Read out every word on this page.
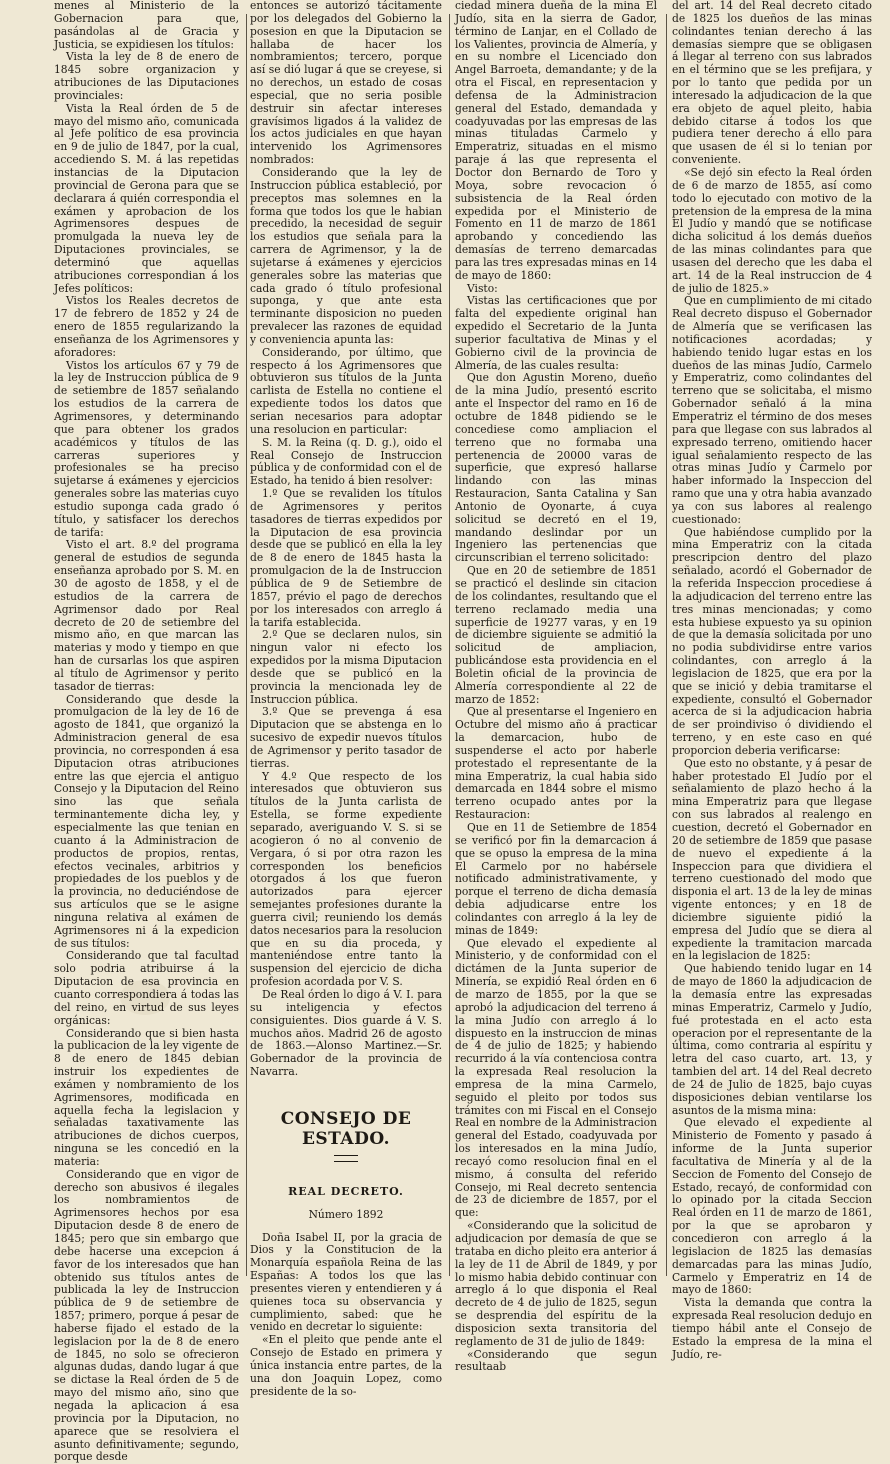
menes al Ministerio de la Gobernacion para que, pasándolas al de Gracia y Justicia, se expidiesen los títulos:

Vista la ley de 8 de enero de 1845 sobre organizacion y atribuciones de las Diputaciones provinciales:

Vista la Real órden de 5 de mayo del mismo año, comunicada al Jefe político de esa provincia en 9 de julio de 1847, por la cual, accediendo S. M. á las repetidas instancias de la Diputacion provincial de Gerona para que se declarara á quién correspondia el exámen y aprobacion de los Agrimensores despues de promulgada la nueva ley de Diputaciones provinciales, se determinó que aquellas atribuciones correspondian á los Jefes políticos:

Vistos los Reales decretos de 17 de febrero de 1852 y 24 de enero de 1855 regularizando la enseñanza de los Agrimensores y aforadores:

Vistos los artículos 67 y 79 de la ley de Instruccion pública de 9 de setiembre de 1857 señalando los estudios de la carrera de Agrimensores, y determinando que para obtener los grados académicos y títulos de las carreras superiores y profesionales se ha preciso sujetarse á exámenes y ejercicios generales sobre las materias cuyo estudio suponga cada grado ó título, y satisfacer los derechos de tarifa:

Visto el art. 8.º del programa general de estudios de segunda enseñanza aprobado por S. M. en 30 de agosto de 1858, y el de estudios de la carrera de Agrimensor dado por Real decreto de 20 de setiembre del mismo año, en que marcan las materias y modo y tiempo en que han de cursarlas los que aspiren al título de Agrimensor y perito tasador de tierras:

Considerando que desde la promulgacion de la ley de 16 de agosto de 1841, que organizó la Administracion general de esa provincia, no corresponden á esa Diputacion otras atribuciones entre las que ejercia el antiguo Consejo y la Diputacion del Reino sino las que señala terminantemente dicha ley, y especialmente las que tenian en cuanto á la Administracion de productos de propios, rentas, efectos vecinales, arbitrios y propiedades de los pueblos y de la provincia, no deduciéndose de sus artículos que se le asigne ninguna relativa al exámen de Agrimensores ni á la expedicion de sus títulos:

Considerando que tal facultad solo podria atribuirse á la Diputacion de esa provincia en cuanto correspondiera á todas las del reino, en virtud de sus leyes orgánicas:

Considerando que si bien hasta la publicacion de la ley vigente de 8 de enero de 1845 debian instruir los expedientes de exámen y nombramiento de los Agrimensores, modificada en aquella fecha la legislacion y señaladas taxativamente las atribuciones de dichos cuerpos, ninguna se les concedió en la materia:

Considerando que en vigor de derecho son abusivos é ilegales los nombramientos de Agrimensores hechos por esa Diputacion desde 8 de enero de 1845; pero que sin embargo que debe hacerse una excepcion á favor de los interesados que han obtenido sus títulos antes de publicada la ley de Instruccion pública de 9 de setiembre de 1857; primero, porque á pesar de haberse fijado el estado de la legislacion por la de 8 de enero de 1845, no solo se ofrecieron algunas dudas, dando lugar á que se dictase la Real órden de 5 de mayo del mismo año, sino que negada la aplicacion á esa provincia por la Diputacion, no aparece que se resolviera el asunto definitivamente; segundo, porque desde

entonces se autorizó tácitamente por los delegados del Gobierno la posesion en que la Diputacion se hallaba de hacer los nombramientos; tercero, porque así se dió lugar á que se creyese, si no derechos, un estado de cosas especial, que no seria posible destruir sin afectar intereses gravísimos ligados á la validez de los actos judiciales en que hayan intervenido los Agrimensores nombrados:

Considerando que la ley de Instruccion pública estableció, por preceptos mas solemnes en la forma que todos los que le habian precedido, la necesidad de seguir los estudios que señala para la carrera de Agrimensor, y la de sujetarse á exámenes y ejercicios generales sobre las materias que cada grado ó título profesional suponga, y que ante esta terminante disposicion no pueden prevalecer las razones de equidad y conveniencia apunta las:

Considerando, por último, que respecto á los Agrimensores que obtuvieron sus títulos de la Junta carlista de Estella no contiene el expediente todos los datos que serian necesarios para adoptar una resolucion en particular:

S. M. la Reina (q. D. g.), oido el Real Consejo de Instruccion pública y de conformidad con el de Estado, ha tenido á bien resolver:

1.º Que se revaliden los títulos de Agrimensores y peritos tasadores de tierras expedidos por la Diputacion de esa provincia desde que se publicó en ella la ley de 8 de enero de 1845 hasta la promulgacion de la de Instruccion pública de 9 de Setiembre de 1857, prévio el pago de derechos por los interesados con arreglo á la tarifa establecida.

2.º Que se declaren nulos, sin ningun valor ni efecto los expedidos por la misma Diputacion desde que se publicó en la provincia la mencionada ley de Instruccion pública.

3.º Que se prevenga á esa Diputacion que se abstenga en lo sucesivo de expedir nuevos títulos de Agrimensor y perito tasador de tierras.

Y 4.º Que respecto de los interesados que obtuvieron sus títulos de la Junta carlista de Estella, se forme expediente separado, averiguando V. S. si se acogieron ó no al convenio de Vergara, ó si por otra razon les corresponden los beneficios otorgados á los que fueron autorizados para ejercer semejantes profesiones durante la guerra civil; reuniendo los demás datos necesarios para la resolucion que en su dia proceda, y manteniéndose entre tanto la suspension del ejercicio de dicha profesion acordada por V. S.

De Real órden lo digo á V. I. para su inteligencia y efectos consiguientes. Dios guarde á V. S. muchos años. Madrid 26 de agosto de 1863.—Alonso Martinez.—Sr. Gobernador de la provincia de Navarra.

CONSEJO DE ESTADO.

REAL DECRETO.

Número 1892

Doña Isabel II, por la gracia de Dios y la Constitucion de la Monarquía española Reina de las Españas: A todos los que las presentes vieren y entendieren y á quienes toca su observancia y cumplimiento, sabed: que he venido en decretar lo siguiente:

«En el pleito que pende ante el Consejo de Estado en primera y única instancia entre partes, de la una don Joaquin Lopez, como presidente de la so-

ciedad minera dueña de la mina El Judío, sita en la sierra de Gador, término de Lanjar, en el Collado de los Valientes, provincia de Almería, y en su nombre el Licenciado don Angel Barroeta, demandante; y de la otra el Fiscal, en representacion y defensa de la Administracion general del Estado, demandada y coadyuvadas por las empresas de las minas tituladas Carmelo y Emperatriz, situadas en el mismo paraje á las que representa el Doctor don Bernardo de Toro y Moya, sobre revocacion ó subsistencia de la Real órden expedida por el Ministerio de Fomento en 11 de marzo de 1861 aprobando y concediendo las demasías de terreno demarcadas para las tres expresadas minas en 14 de mayo de 1860:

Visto:

Vistas las certificaciones que por falta del expediente original han expedido el Secretario de la Junta superior facultativa de Minas y el Gobierno civil de la provincia de Almería, de las cuales resulta:

Que don Agustin Moreno, dueño de la mina Judío, presentó escrito ante el Inspector del ramo en 16 de octubre de 1848 pidiendo se le concediese como ampliacion el terreno que no formaba una pertenencia de 20000 varas de superficie, que expresó hallarse lindando con las minas Restauracion, Santa Catalina y San Antonio de Oyonarte, á cuya solicitud se decretó en el 19, mandando deslindar por un Ingeniero las pertenencias que circunscribian el terreno solicitado:

Que en 20 de setiembre de 1851 se practicó el deslinde sin citacion de los colindantes, resultando que el terreno reclamado media una superficie de 19277 varas, y en 19 de diciembre siguiente se admitió la solicitud de ampliacion, publicándose esta providencia en el Boletin oficial de la provincia de Almería correspondiente al 22 de marzo de 1852:

Que al presentarse el Ingeniero en Octubre del mismo año á practicar la demarcacion, hubo de suspenderse el acto por haberle protestado el representante de la mina Emperatriz, la cual habia sido demarcada en 1844 sobre el mismo terreno ocupado antes por la Restauracion:

Que en 11 de Setiembre de 1854 se verificó por fin la demarcacion á que se opuso la empresa de la mina El Carmelo por no habérsele notificado administrativamente, y porque el terreno de dicha demasía debia adjudicarse entre los colindantes con arreglo á la ley de minas de 1849:

Que elevado el expediente al Ministerio, y de conformidad con el dictámen de la Junta superior de Minería, se expidió Real órden en 6 de marzo de 1855, por la que se aprobó la adjudicacion del terreno á la mina Judío con arreglo á lo dispuesto en la instruccion de minas de 4 de julio de 1825; y habiendo recurrido á la vía contenciosa contra la expresada Real resolucion la empresa de la mina Carmelo, seguido el pleito por todos sus trámites con mi Fiscal en el Consejo Real en nombre de la Administracion general del Estado, coadyuvada por los interesados en la mina Judío, recayó como resolucion final en el mismo, á consulta del referido Consejo, mi Real decreto sentencia de 23 de diciembre de 1857, por el que:

«Considerando que la solicitud de adjudicacion por demasía de que se trataba en dicho pleito era anterior á la ley de 11 de Abril de 1849, y por lo mismo habia debido continuar con arreglo á lo que disponia el Real decreto de 4 de julio de 1825, segun se desprendia del espíritu de la disposicion sexta transitoria del reglamento de 31 de julio de 1849:

«Considerando que segun resultaab

del art. 14 del Real decreto citado de 1825 los dueños de las minas colindantes tenian derecho á las demasías siempre que se obligasen á llegar al terreno con sus labrados en el término que se les prefijara, y por lo tanto que pedida por un interesado la adjudicacion de la que era objeto de aquel pleito, habia debido citarse á todos los que pudiera tener derecho á ello para que usasen de él si lo tenian por conveniente.

«Se dejó sin efecto la Real órden de 6 de marzo de 1855, así como todo lo ejecutado con motivo de la pretension de la empresa de la mina El Judío y mandó que se notificase dicha solicitud á los demás dueños de las minas colindantes para que usasen del derecho que les daba el art. 14 de la Real instruccion de 4 de julio de 1825.»

Que en cumplimiento de mi citado Real decreto dispuso el Gobernador de Almería que se verificasen las notificaciones acordadas; y habiendo tenido lugar estas en los dueños de las minas Judío, Carmelo y Emperatriz, como colindantes del terreno que se solicitaba, el mismo Gobernador señaló á la mina Emperatriz el término de dos meses para que llegase con sus labrados al expresado terreno, omitiendo hacer igual señalamiento respecto de las otras minas Judío y Carmelo por haber informado la Inspeccion del ramo que una y otra habia avanzado ya con sus labores al realengo cuestionado:

Que habiéndose cumplido por la mina Emperatriz con la citada prescripcion dentro del plazo señalado, acordó el Gobernador de la referida Inspeccion procediese á la adjudicacion del terreno entre las tres minas mencionadas; y como esta hubiese expuesto ya su opinion de que la demasía solicitada por uno no podia subdividirse entre varios colindantes, con arreglo á la legislacion de 1825, que era por la que se inició y debia tramitarse el expediente, consultó el Gobernador acerca de si la adjudicacion habria de ser proindiviso ó dividiendo el terreno, y en este caso en qué proporcion deberia verificarse:

Que esto no obstante, y á pesar de haber protestado El Judío por el señalamiento de plazo hecho á la mina Emperatriz para que llegase con sus labrados al realengo en cuestion, decretó el Gobernador en 20 de setiembre de 1859 que pasase de nuevo el expediente á la Inspeccion para que dividiera el terreno cuestionado del modo que disponia el art. 13 de la ley de minas vigente entonces; y en 18 de diciembre siguiente pidió la empresa del Judío que se diera al expediente la tramitacion marcada en la legislacion de 1825:

Que habiendo tenido lugar en 14 de mayo de 1860 la adjudicacion de la demasía entre las expresadas minas Emperatriz, Carmelo y Judío, fué protestada en el acto esta operacion por el representante de la última, como contraria al espíritu y letra del caso cuarto, art. 13, y tambien del art. 14 del Real decreto de 24 de Julio de 1825, bajo cuyas disposiciones debian ventilarse los asuntos de la misma mina:

Que elevado el expediente al Ministerio de Fomento y pasado á informe de la Junta superior facultativa de Minería y al de la Seccion de Fomento del Consejo de Estado, recayó, de conformidad con lo opinado por la citada Seccion Real órden en 11 de marzo de 1861, por la que se aprobaron y concedieron con arreglo á la legislacion de 1825 las demasías demarcadas para las minas Judío, Carmelo y Emperatriz en 14 de mayo de 1860:

Vista la demanda que contra la expresada Real resolucion dedujo en tiempo hábil ante el Consejo de Estado la empresa de la mina el Judío, re-
